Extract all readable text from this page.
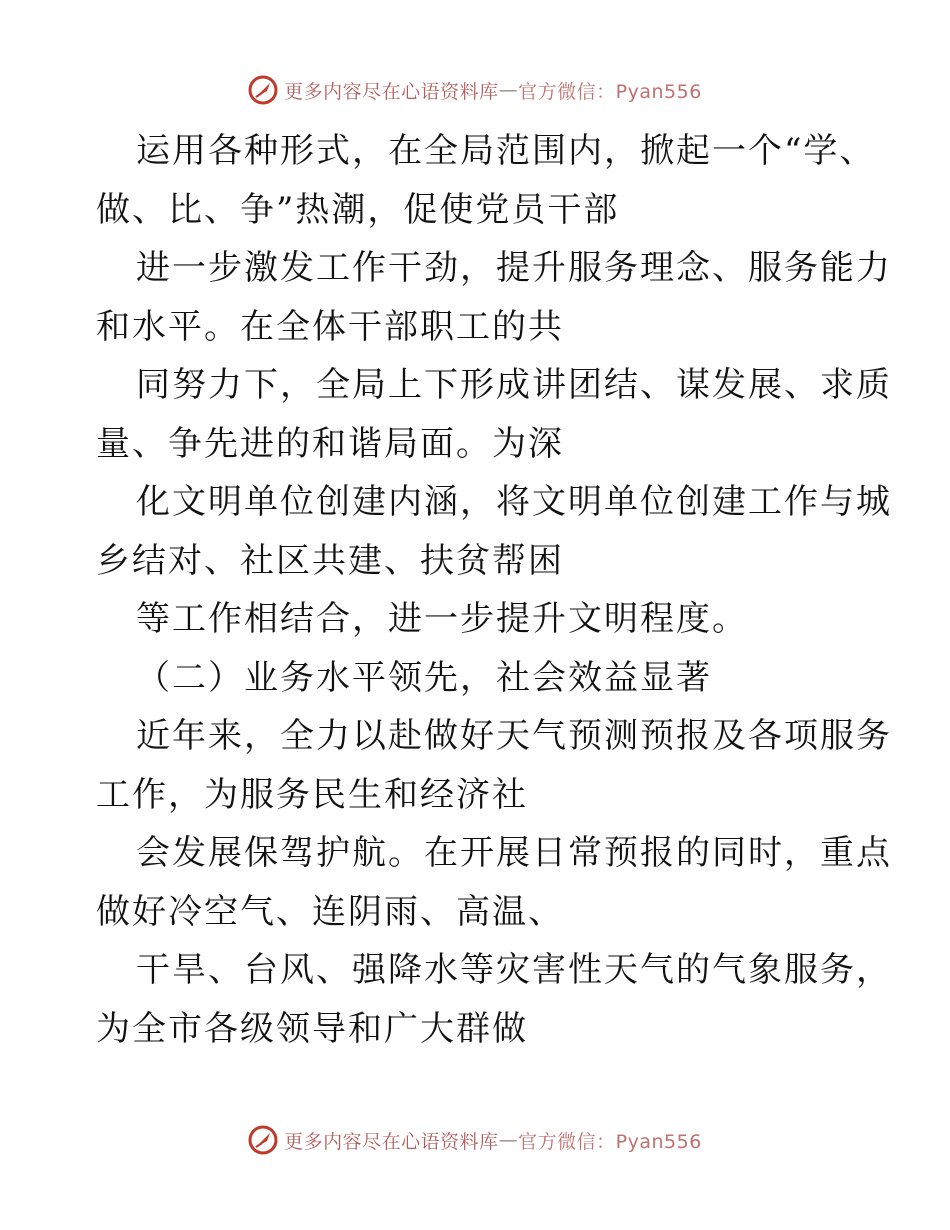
更多内容尽在心语资料库 — 官方微信：Pyan556
运用各种形式，在全局范围内，掀起一个“学、
做、比、争”热潮，促使党员干部
进一步激发工作干劲，提升服务理念、服务能力
和水平。在全体干部职工的共
同努力下，全局上下形成讲团结、谋发展、求质
量、争先进的和谐局面。为深
化文明单位创建内涵，将文明单位创建工作与城
乡结对、社区共建、扶贫帮困
等工作相结合，进一步提升文明程度。
（二）业务水平领先，社会效益显著
近年来，全力以赴做好天气预测预报及各项服务
工作，为服务民生和经济社
会发展保驾护航。在开展日常预报的同时，重点
做好冷空气、连阴雨、高温、
干旱、台风、强降水等灾害性天气的气象服务，
为全市各级领导和广大群做
更多内容尽在心语资料库 — 官方微信：Pyan556
